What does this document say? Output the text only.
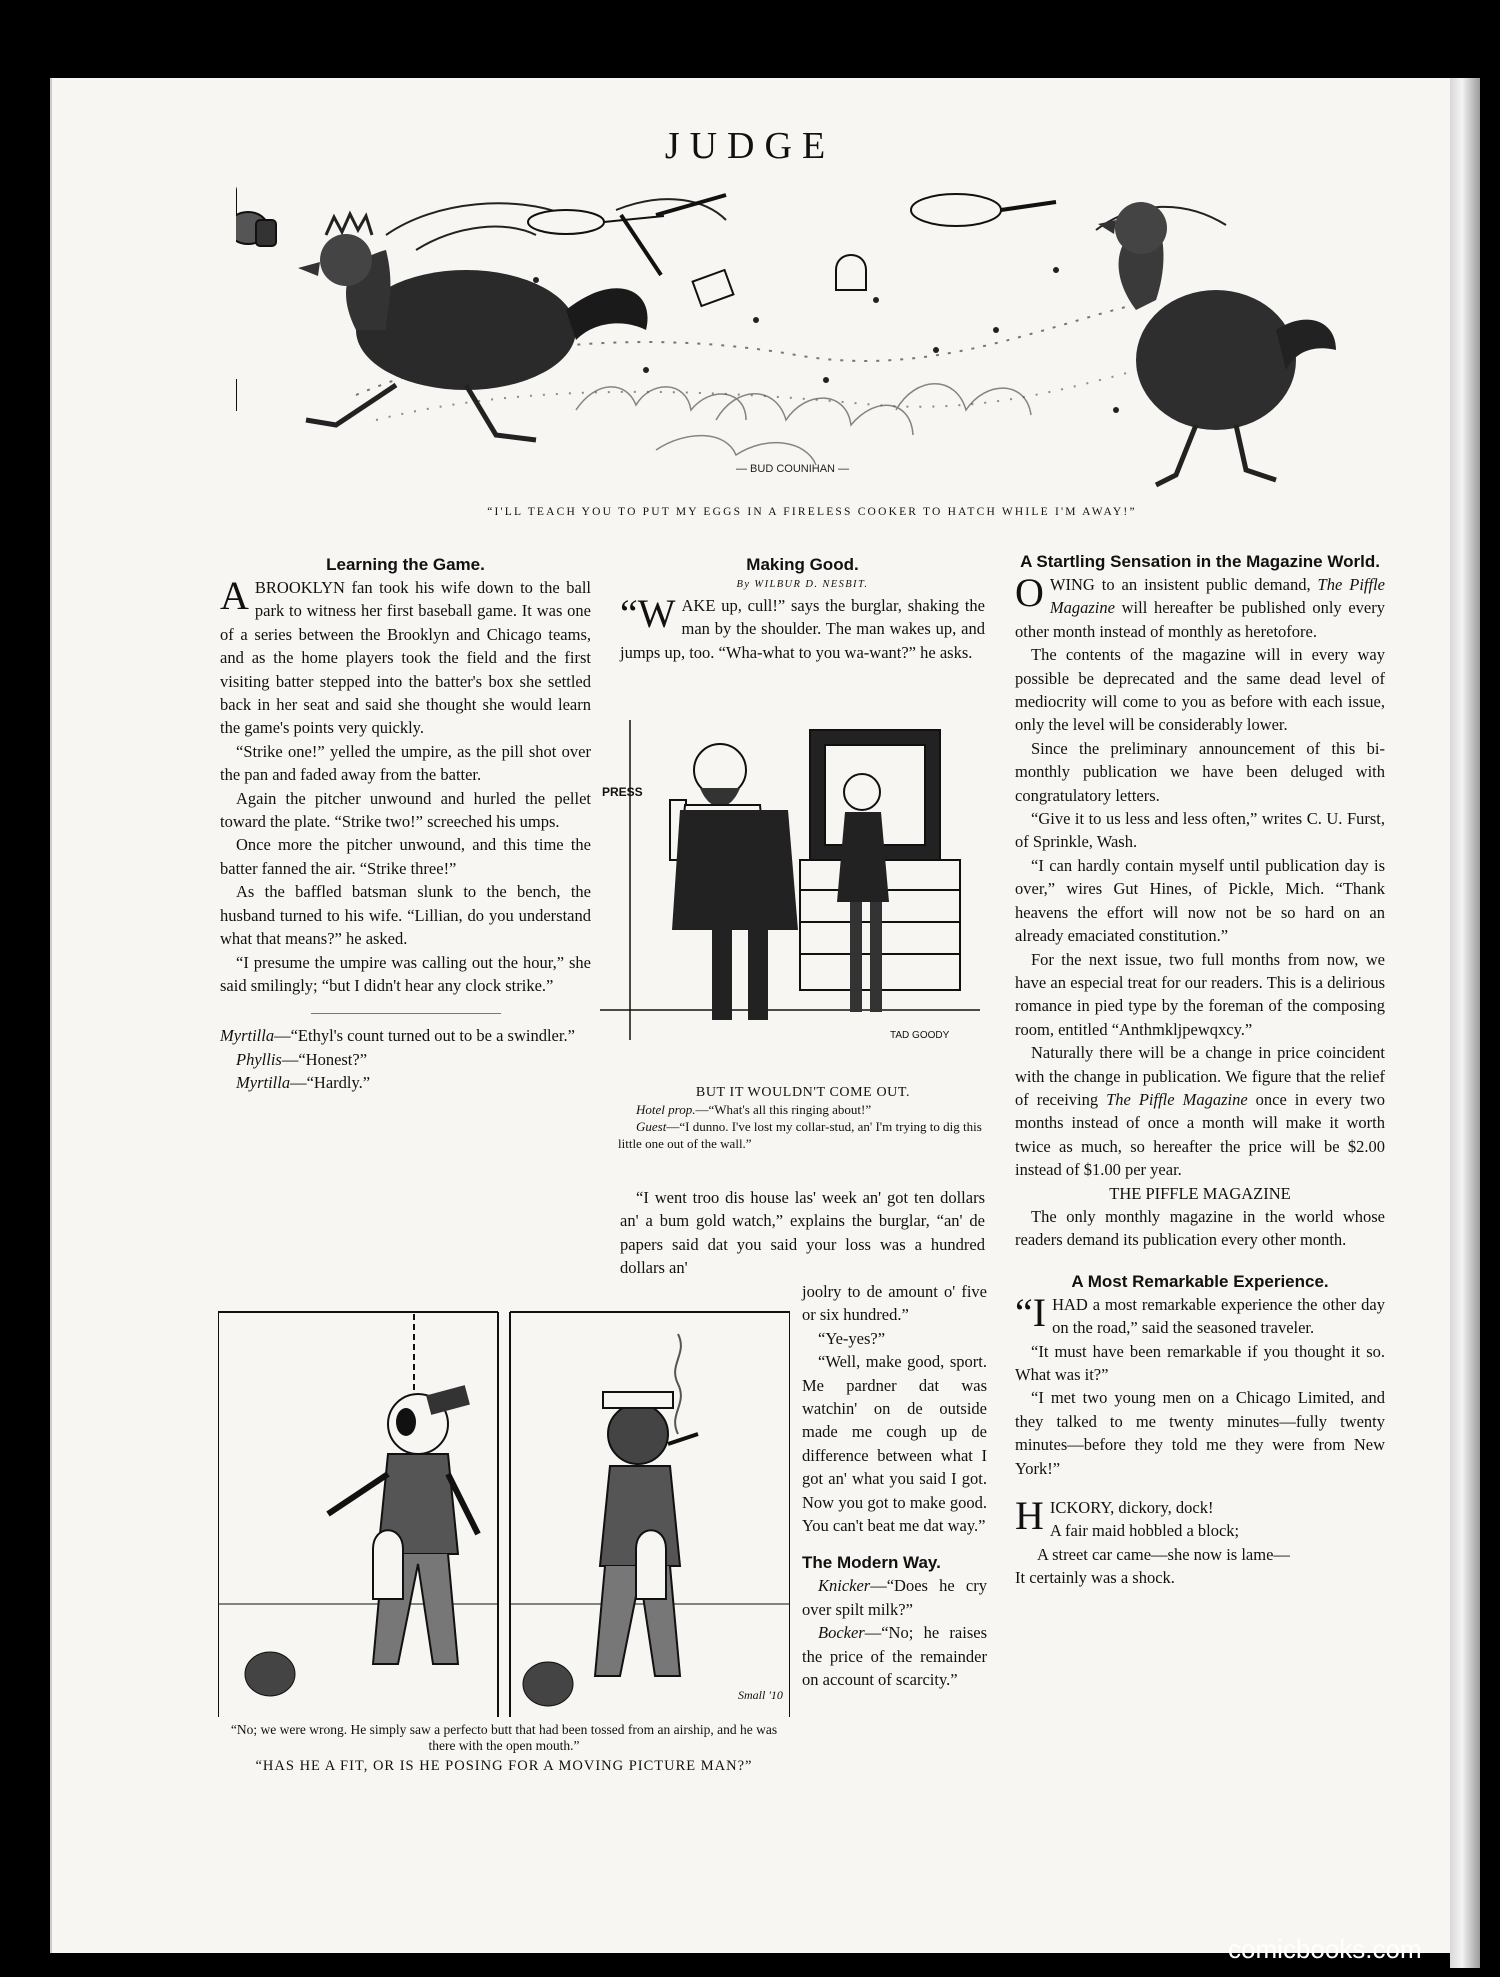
JUDGE
— BUD COUNIHAN —
“I'LL TEACH YOU TO PUT MY EGGS IN A FIRELESS COOKER TO HATCH WHILE I'M AWAY!”
Learning the Game.

ABROOKLYN fan took his wife down to the ball park to witness her first baseball game. It was one of a series between the Brooklyn and Chicago teams, and as the home players took the field and the first visiting batter stepped into the batter's box she settled back in her seat and said she thought she would learn the game's points very quickly.

“Strike one!” yelled the umpire, as the pill shot over the pan and faded away from the batter.

Again the pitcher unwound and hurled the pellet toward the plate. “Strike two!” screeched his umps.

Once more the pitcher unwound, and this time the batter fanned the air. “Strike three!”

As the baffled batsman slunk to the bench, the husband turned to his wife. “Lillian, do you understand what that means?” he asked.

“I presume the umpire was calling out the hour,” she said smilingly; “but I didn't hear any clock strike.”

Myrtilla—“Ethyl's count turned out to be a swindler.”

Phyllis—“Honest?”

Myrtilla—“Hardly.”

Making Good.
By WILBUR D. NESBIT.

“WAKE up, cull!” says the burglar, shaking the man by the shoulder. The man wakes up, and jumps up, too. “Wha-what to you wa-want?” he asks.

PRESS
TAD GOODY
BUT IT WOULDN'T COME OUT.
Hotel prop.—“What's all this ringing about!”
Guest—“I dunno. I've lost my collar-stud, an' I'm trying to dig this little one out of the wall.”

“I went troo dis house las' week an' got ten dollars an' a bum gold watch,” explains the burglar, “an' de papers said dat you said your loss was a hundred dollars an'

joolry to de amount o' five or six hundred.”

“Ye-yes?”

“Well, make good, sport. Me pardner dat was watchin' on de outside made me cough up de difference between what I got an' what you said I got. Now you got to make good. You can't beat me dat way.”

The Modern Way.

Knicker—“Does he cry over spilt milk?”

Bocker—“No; he raises the price of the remainder on account of scarcity.”

Small '10
“No; we were wrong. He simply saw a perfecto butt that had been tossed from an airship, and he was there with the open mouth.”
“HAS HE A FIT, OR IS HE POSING FOR A MOVING PICTURE MAN?”
A Startling Sensation in the Magazine World.

OWING to an insistent public demand, The Piffle Magazine will hereafter be published only every other month instead of monthly as heretofore.

The contents of the magazine will in every way possible be deprecated and the same dead level of mediocrity will come to you as before with each issue, only the level will be considerably lower.

Since the preliminary announcement of this bi-monthly publication we have been deluged with congratulatory letters.

“Give it to us less and less often,” writes C. U. Furst, of Sprinkle, Wash.

“I can hardly contain myself until publication day is over,” wires Gut Hines, of Pickle, Mich. “Thank heavens the effort will now not be so hard on an already emaciated constitution.”

For the next issue, two full months from now, we have an especial treat for our readers. This is a delirious romance in pied type by the foreman of the composing room, entitled “Anthmkljpewqxcy.”

Naturally there will be a change in price coincident with the change in publication. We figure that the relief of receiving The Piffle Magazine once in every two months instead of once a month will make it worth twice as much, so hereafter the price will be $2.00 instead of $1.00 per year.

THE PIFFLE MAGAZINE

The only monthly magazine in the world whose readers demand its publication every other month.

A Most Remarkable Experience.

“IHAD a most remarkable experience the other day on the road,” said the seasoned traveler.

“It must have been remarkable if you thought it so. What was it?”

“I met two young men on a Chicago Limited, and they talked to me twenty minutes—fully twenty minutes—before they told me they were from New York!”

HICKORY, dickory, dock!
A fair maid hobbled a block;
A street car came—she now is lame—
It certainly was a shock.
comicbooks.com
